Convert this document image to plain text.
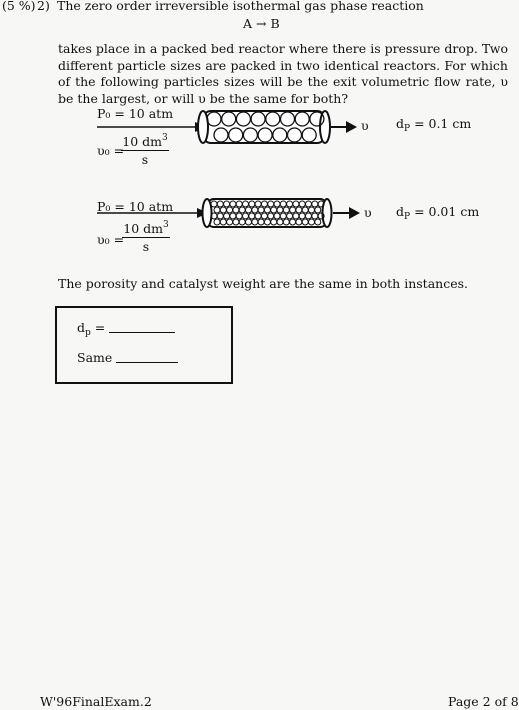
(5 %) 2) The zero order irreversible isothermal gas phase reaction
A → B
takes place in a packed bed reactor where there is pressure drop. Two different particle sizes are packed in two identical reactors. For which of the following particles sizes will be the exit volumetric flow rate, υ be the largest, or will υ be the same for both?
P₀ = 10 atm
υ₀ =
$\frac{10 dm^3}{s}$
υ $d_P = 0.1$ cm
P₀ = 10 atm
υ₀ =
$\frac{10 dm^3}{s}$
υ $d_P = 0.01$ cm
The porosity and catalyst weight are the same in both instances.
$d_p$ =
Same
W'96FinalExam.2	Page 2 of 8
